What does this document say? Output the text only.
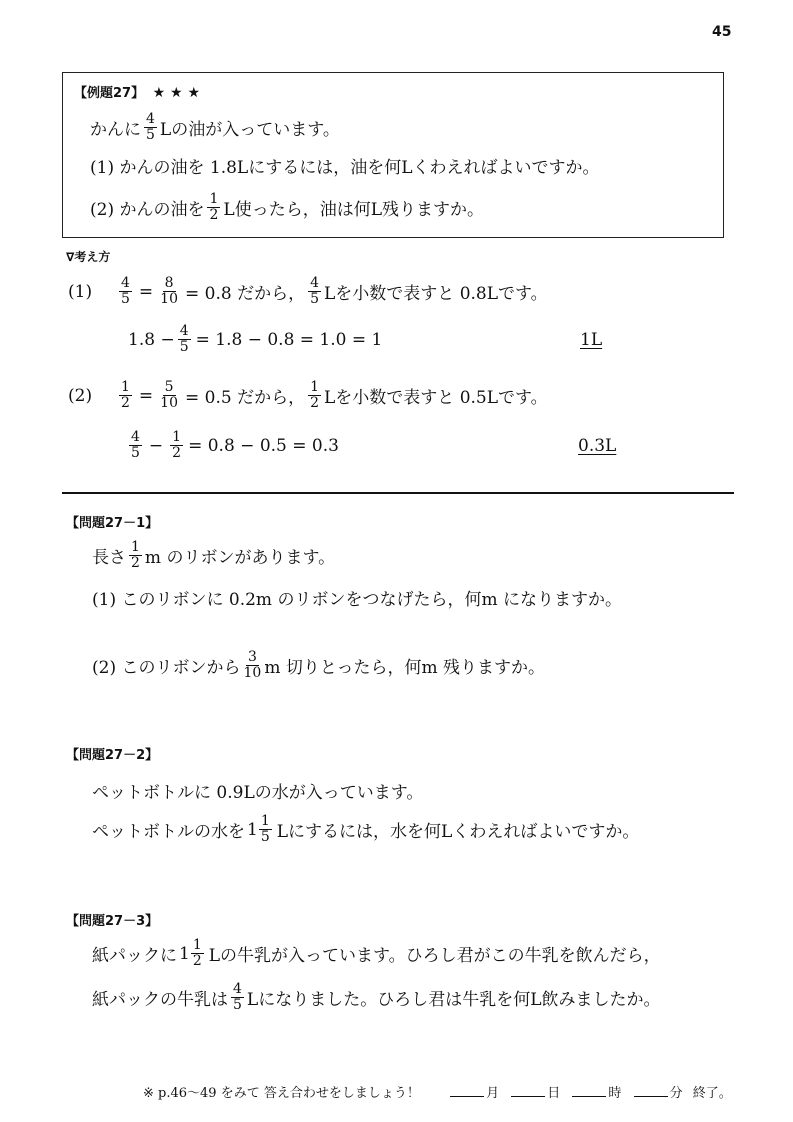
45
【例題27】 ★ ★ ★
かんに $\frac{4}{5}$ Lの油が入っています。
(1) かんの油を 1.8Lにするには，油を何Lくわえればよいですか。
(2) かんの油を $\frac{1}{2}$ L使ったら，油は何L残りますか。
∇考え方
(1)	$\frac{4}{5} = \frac{8}{10} = 0.8$ だから， $\frac{4}{5}$ Lを小数で表すと 0.8Lです。
$1.8 - \frac{4}{5} = 1.8 - 0.8 = 1.0 = 1$	1L
(2)	$\frac{1}{2} = \frac{5}{10} = 0.5$ だから， $\frac{1}{2}$ Lを小数で表すと 0.5Lです。
$\frac{4}{5} - \frac{1}{2} = 0.8 - 0.5 = 0.3$	0.3L
【問題27－1】
長さ $\frac{1}{2}$ m のリボンがあります。
(1) このリボンに 0.2m のリボンをつなげたら，何m になりますか。
(2) このリボンから $\frac{3}{10}$ m 切りとったら，何m 残りますか。
【問題27－2】
ペットボトルに 0.9Lの水が入っています。
ペットボトルの水を $1 \frac{1}{5}$ Lにするには，水を何Lくわえればよいですか。
【問題27－3】
紙パックに $1 \frac{1}{2}$ Lの牛乳が入っています。ひろし君がこの牛乳を飲んだら，
紙パックの牛乳は $\frac{4}{5}$ Lになりました。ひろし君は牛乳を何L飲みましたか。
※ p.46〜49 をみて 答え合わせをしましょう！	月	日	時	分 終了。
